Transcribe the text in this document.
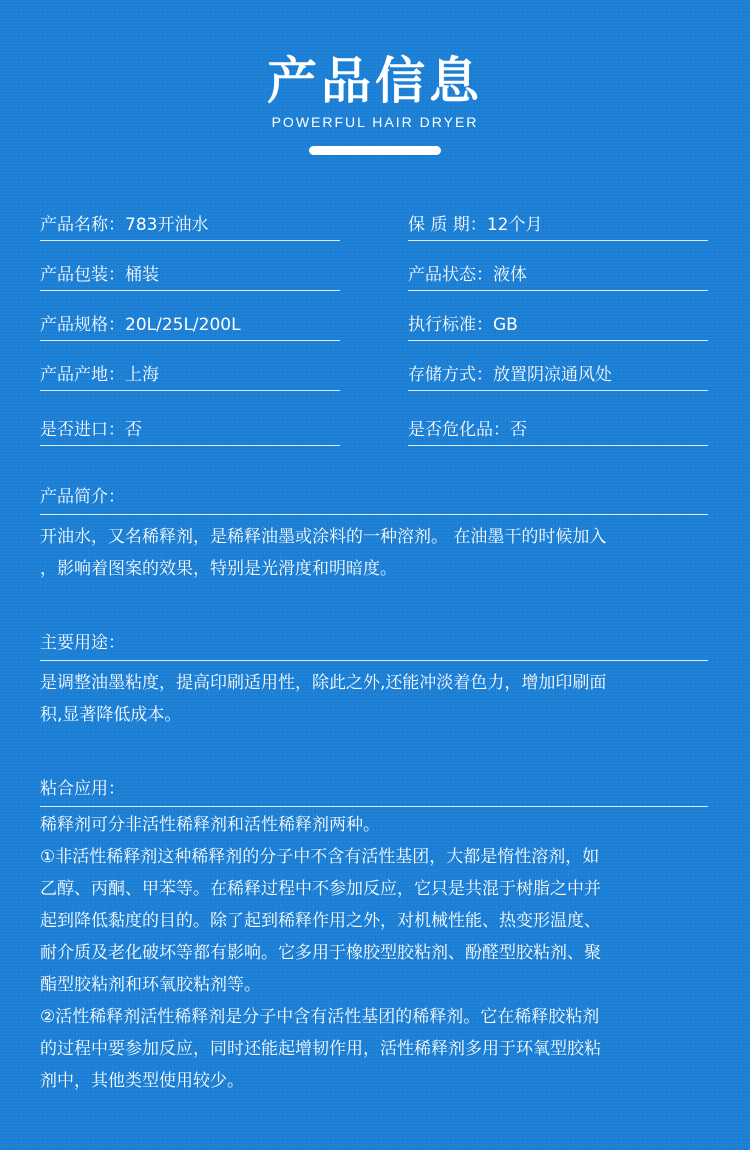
产品信息
POWERFUL HAIR DRYER
产品名称：783开油水	保 质 期：12个月
产品包装：桶装	产品状态：液体
产品规格：20L/25L/200L	执行标准：GB
产品产地：上海	存储方式：放置阴凉通风处
是否进口：否	是否危化品：否
产品简介：

开油水，又名稀释剂，是稀释油墨或涂料的一种溶剂。 在油墨干的时候加入

，影响着图案的效果，特别是光滑度和明暗度。

主要用途：

是调整油墨粘度，提高印刷适用性，除此之外,还能冲淡着色力，增加印刷面

积,显著降低成本。

粘合应用：

稀释剂可分非活性稀释剂和活性稀释剂两种。

①非活性稀释剂这种稀释剂的分子中不含有活性基团，大都是惰性溶剂，如

乙醇、丙酮、甲苯等。在稀释过程中不参加反应，它只是共混于树脂之中并

起到降低黏度的目的。除了起到稀释作用之外，对机械性能、热变形温度、

耐介质及老化破坏等都有影响。它多用于橡胶型胶粘剂、酚醛型胶粘剂、聚

酯型胶粘剂和环氧胶粘剂等。

②活性稀释剂活性稀释剂是分子中含有活性基团的稀释剂。它在稀释胶粘剂

的过程中要参加反应，同时还能起增韧作用，活性稀释剂多用于环氧型胶粘

剂中，其他类型使用较少。
